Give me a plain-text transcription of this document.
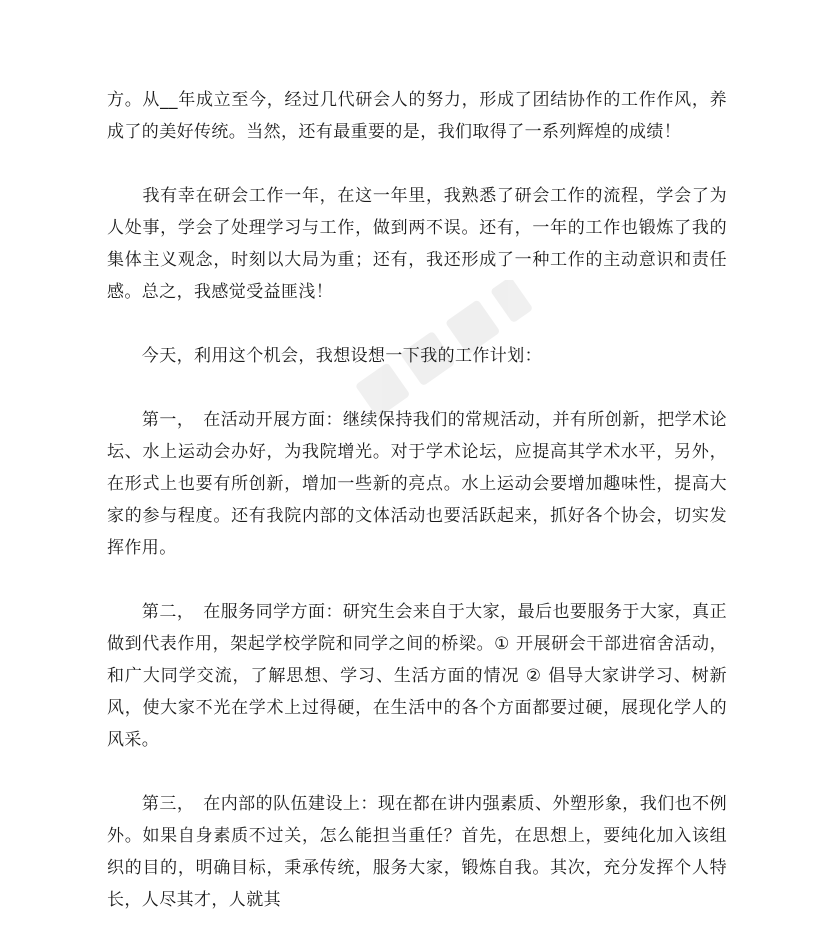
方。从__年成立至今，经过几代研会人的努力，形成了团结协作的工作作风，养成了的美好传统。当然，还有最重要的是，我们取得了一系列辉煌的成绩！

　　我有幸在研会工作一年，在这一年里，我熟悉了研会工作的流程，学会了为人处事，学会了处理学习与工作，做到两不误。还有，一年的工作也锻炼了我的集体主义观念，时刻以大局为重；还有，我还形成了一种工作的主动意识和责任感。总之，我感觉受益匪浅！

　　今天，利用这个机会，我想设想一下我的工作计划：

　　第一，　在活动开展方面：继续保持我们的常规活动，并有所创新，把学术论坛、水上运动会办好，为我院增光。对于学术论坛，应提高其学术水平，另外，在形式上也要有所创新，增加一些新的亮点。水上运动会要增加趣味性，提高大家的参与程度。还有我院内部的文体活动也要活跃起来，抓好各个协会，切实发挥作用。

　　第二，　在服务同学方面：研究生会来自于大家，最后也要服务于大家，真正做到代表作用，架起学校学院和同学之间的桥梁。① 开展研会干部进宿舍活动，和广大同学交流，了解思想、学习、生活方面的情况 ② 倡导大家讲学习、树新风，使大家不光在学术上过得硬，在生活中的各个方面都要过硬，展现化学人的风采。

　　第三，　在内部的队伍建设上：现在都在讲内强素质、外塑形象，我们也不例外。如果自身素质不过关，怎么能担当重任？首先，在思想上，要纯化加入该组织的目的，明确目标，秉承传统，服务大家，锻炼自我。其次，充分发挥个人特长，人尽其才，人就其
